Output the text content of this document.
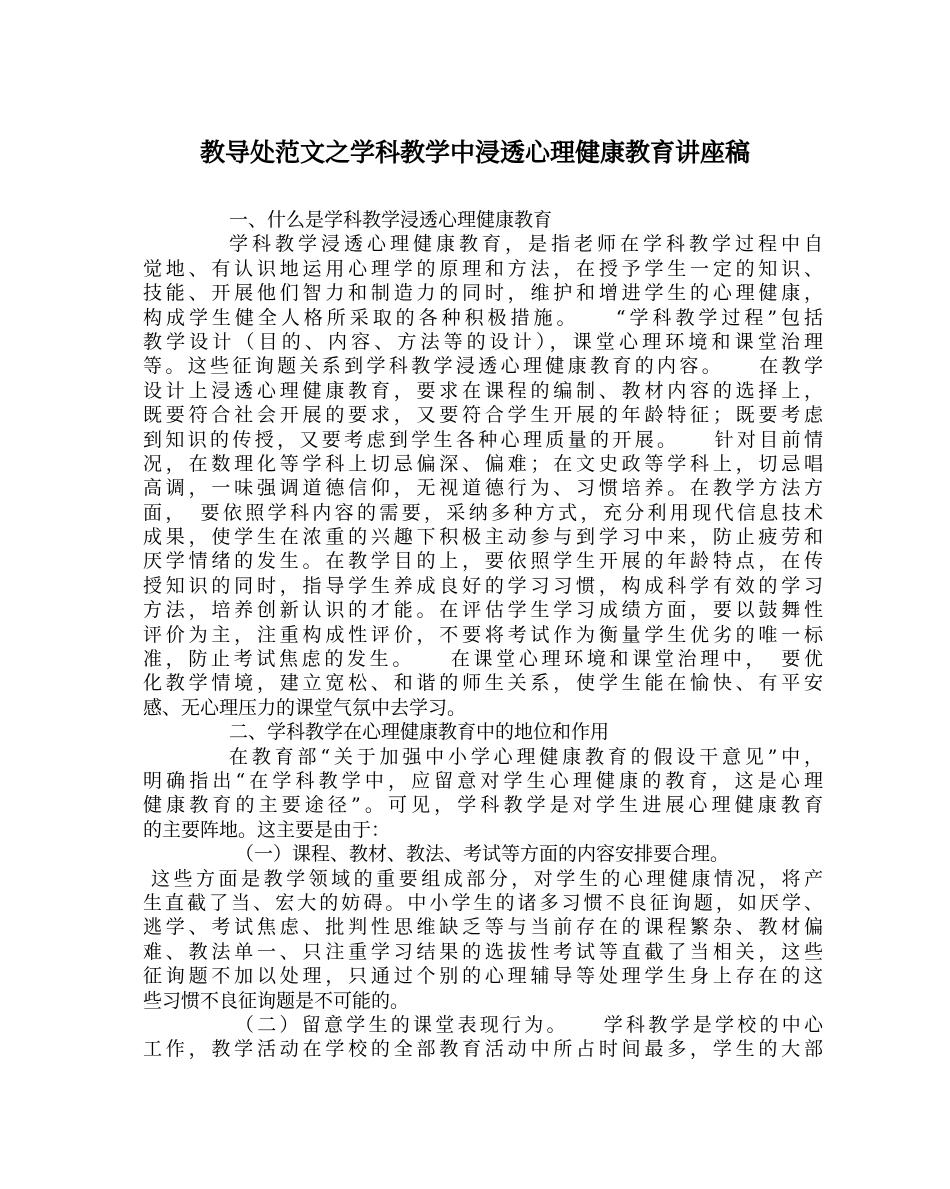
教导处范文之学科教学中浸透心理健康教育讲座稿
一、什么是学科教学浸透心理健康教育
学科教学浸透心理健康教育，是指老师在学科教学过程中自
觉地、有认识地运用心理学的原理和方法，在授予学生一定的知识、
技能、开展他们智力和制造力的同时，维护和增进学生的心理健康，
构成学生健全人格所采取的各种积极措施。　　“学科教学过程”包括
教学设计（目的、内容、方法等的设计），课堂心理环境和课堂治理
等。这些征询题关系到学科教学浸透心理健康教育的内容。　　在教学
设计上浸透心理健康教育，要求在课程的编制、教材内容的选择上，
既要符合社会开展的要求，又要符合学生开展的年龄特征；既要考虑
到知识的传授，又要考虑到学生各种心理质量的开展。　　针对目前情
况，在数理化等学科上切忌偏深、偏难；在文史政等学科上，切忌唱
高调，一味强调道德信仰，无视道德行为、习惯培养。在教学方法方
面，　要依照学科内容的需要，采纳多种方式，充分利用现代信息技术
成果，使学生在浓重的兴趣下积极主动参与到学习中来，防止疲劳和
厌学情绪的发生。在教学目的上，要依照学生开展的年龄特点，在传
授知识的同时，指导学生养成良好的学习习惯，构成科学有效的学习
方法，培养创新认识的才能。在评估学生学习成绩方面，要以鼓舞性
评价为主，注重构成性评价，不要将考试作为衡量学生优劣的唯一标
准，防止考试焦虑的发生。　　在课堂心理环境和课堂治理中，　要优
化教学情境，建立宽松、和谐的师生关系，使学生能在愉快、有平安
感、无心理压力的课堂气氛中去学习。
二、学科教学在心理健康教育中的地位和作用
在教育部“关于加强中小学心理健康教育的假设干意见”中，
明确指出“在学科教学中，应留意对学生心理健康的教育，这是心理
健康教育的主要途径”。可见，学科教学是对学生进展心理健康教育
的主要阵地。这主要是由于：
（一）课程、教材、教法、考试等方面的内容安排要合理。
这些方面是教学领域的重要组成部分，对学生的心理健康情况，将产
生直截了当、宏大的妨碍。中小学生的诸多习惯不良征询题，如厌学、
逃学、考试焦虑、批判性思维缺乏等与当前存在的课程繁杂、教材偏
难、教法单一、只注重学习结果的选拔性考试等直截了当相关，这些
征询题不加以处理，只通过个别的心理辅导等处理学生身上存在的这
些习惯不良征询题是不可能的。
（二）留意学生的课堂表现行为。　　学科教学是学校的中心
工作，教学活动在学校的全部教育活动中所占时间最多，学生的大部
